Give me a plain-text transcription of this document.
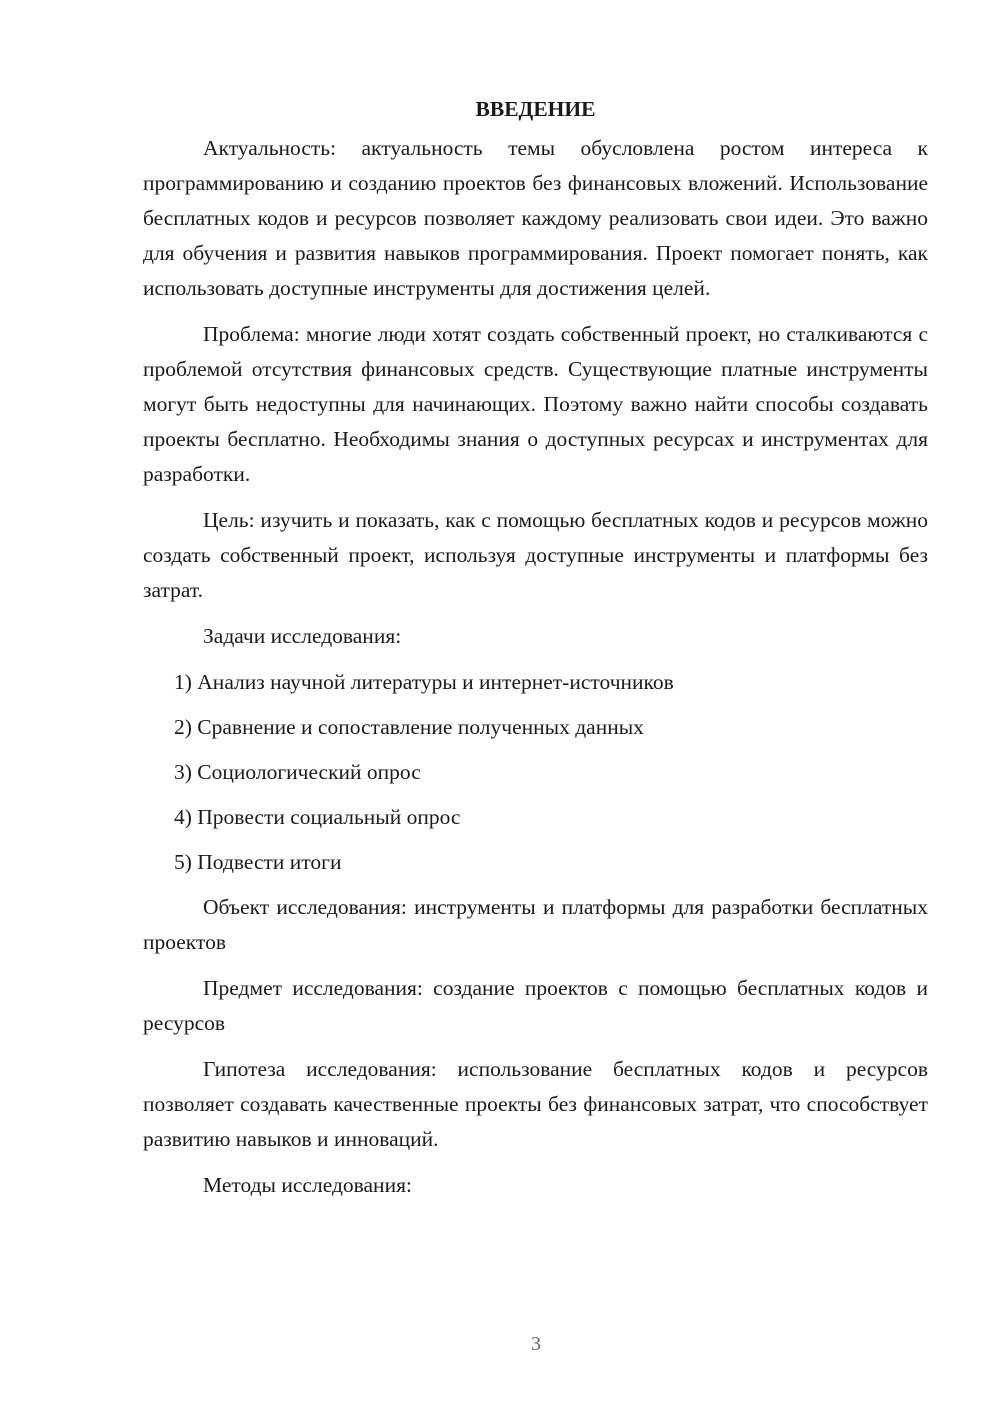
ВВЕДЕНИЕ

Актуальность: актуальность темы обусловлена ростом интереса к программированию и созданию проектов без финансовых вложений. Использование бесплатных кодов и ресурсов позволяет каждому реализовать свои идеи. Это важно для обучения и развития навыков программирования. Проект помогает понять, как использовать доступные инструменты для достижения целей.

Проблема: многие люди хотят создать собственный проект, но сталкиваются с проблемой отсутствия финансовых средств. Существующие платные инструменты могут быть недоступны для начинающих. Поэтому важно найти способы создавать проекты бесплатно. Необходимы знания о доступных ресурсах и инструментах для разработки.

Цель: изучить и показать, как с помощью бесплатных кодов и ресурсов можно создать собственный проект, используя доступные инструменты и платформы без затрат.

Задачи исследования:

1) Анализ научной литературы и интернет-источников

2) Сравнение и сопоставление полученных данных

3) Социологический опрос

4) Провести социальный опрос

5) Подвести итоги

Объект исследования: инструменты и платформы для разработки бесплатных проектов

Предмет исследования: создание проектов с помощью бесплатных кодов и ресурсов

Гипотеза исследования: использование бесплатных кодов и ресурсов позволяет создавать качественные проекты без финансовых затрат, что способствует развитию навыков и инноваций.

Методы исследования:

3
